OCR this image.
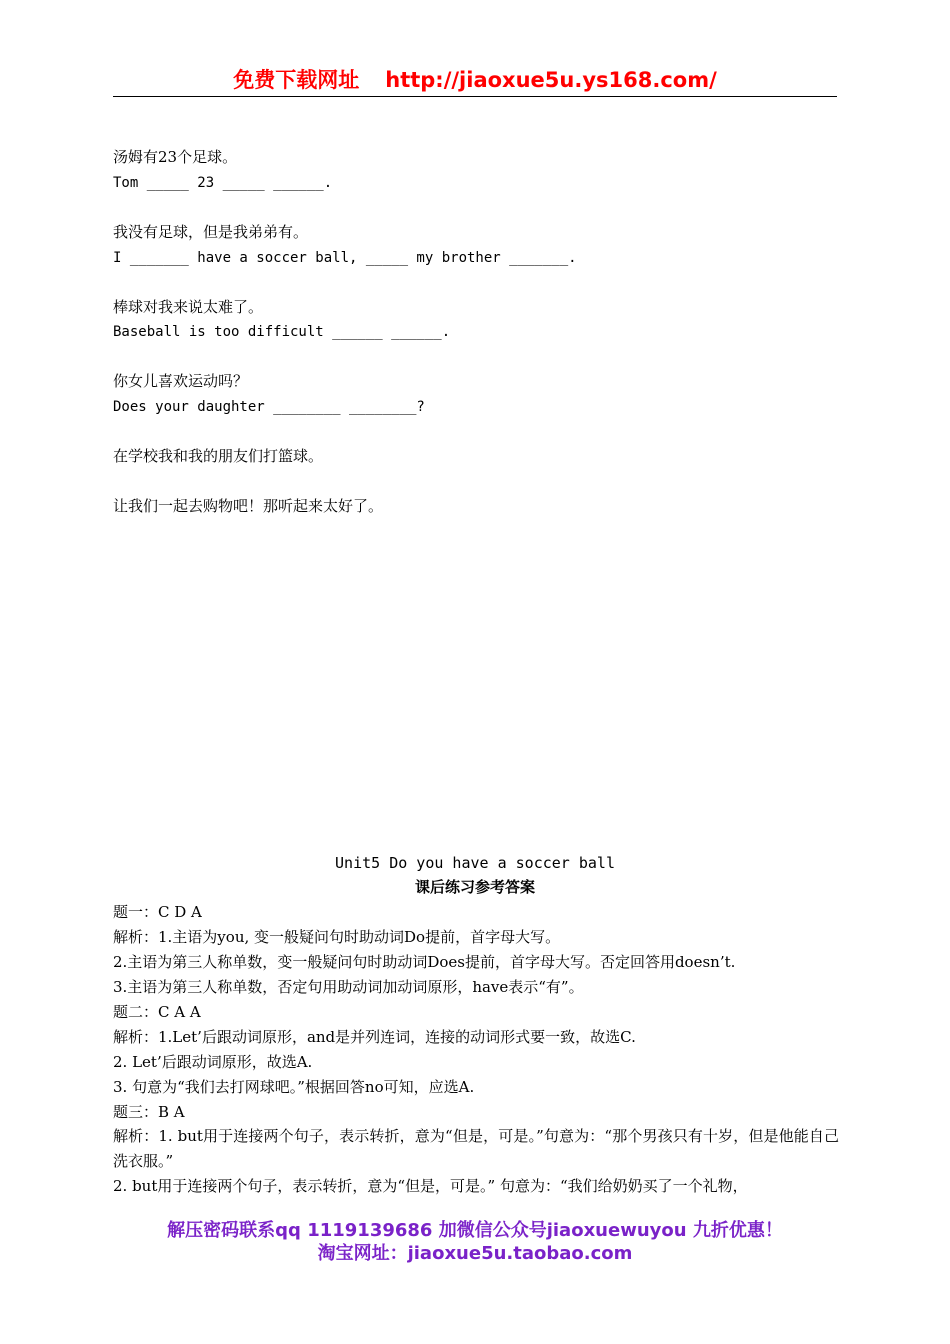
免费下载网址 http://jiaoxue5u.ys168.com/
汤姆有23个足球。
Tom _____ 23 _____ ______.
我没有足球，但是我弟弟有。
I _______ have a soccer ball, _____ my brother _______.
棒球对我来说太难了。
Baseball is too difficult ______ ______.
你女儿喜欢运动吗？
Does your daughter ________ ________?
在学校我和我的朋友们打篮球。
让我们一起去购物吧！那听起来太好了。
Unit5 Do you have a soccer ball
课后练习参考答案
题一：C D A
解析：1.主语为you, 变一般疑问句时助动词Do提前，首字母大写。
2.主语为第三人称单数，变一般疑问句时助动词Does提前，首字母大写。否定回答用doesn’t.
3.主语为第三人称单数，否定句用助动词加动词原形，have表示“有”。
题二：C A A
解析：1.Let’后跟动词原形，and是并列连词，连接的动词形式要一致，故选C.
2. Let’后跟动词原形，故选A.
3. 句意为“我们去打网球吧。”根据回答no可知，应选A.
题三：B A
解析：1. but用于连接两个句子，表示转折，意为“但是，可是。”句意为：“那个男孩只有十岁，但是他能自己洗衣服。”
2. but用于连接两个句子，表示转折，意为“但是，可是。” 句意为：“我们给奶奶买了一个礼物，
解压密码联系qq 1119139686 加微信公众号jiaoxuewuyou 九折优惠！
淘宝网址：jiaoxue5u.taobao.com
